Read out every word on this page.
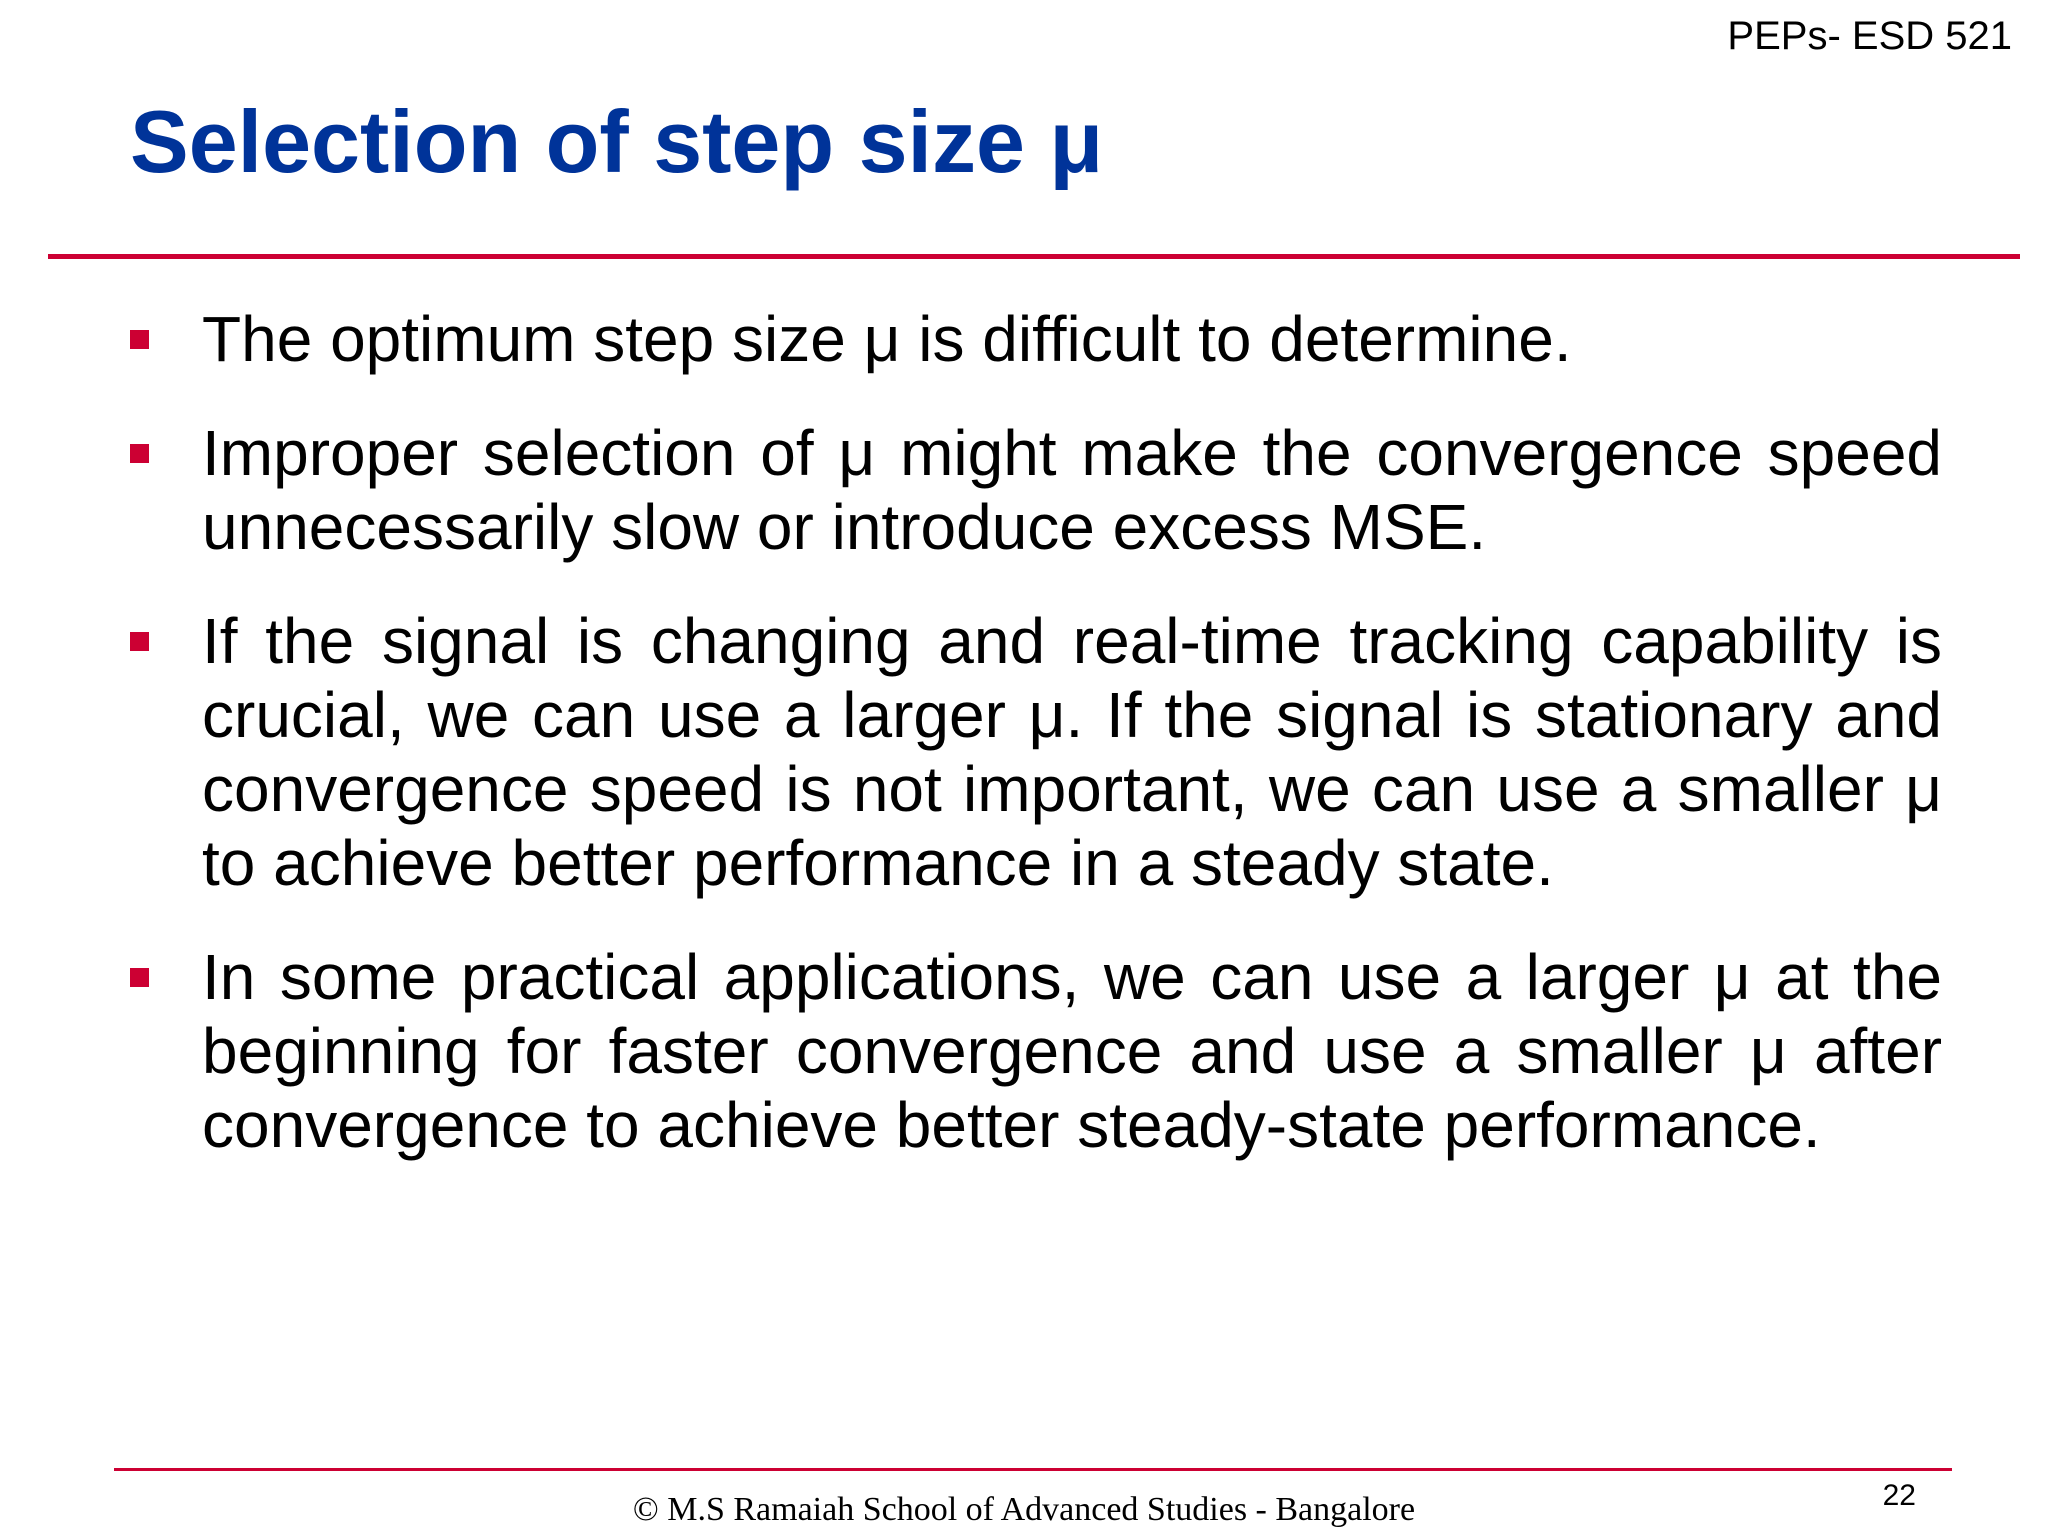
PEPs- ESD 521
Selection of step size μ
The optimum step size μ is difficult to determine.
Improper selection of μ might make the convergence speed unnecessarily slow or introduce excess MSE.
If the signal is changing and real-time tracking capability is crucial, we can use a larger μ. If the signal is stationary and convergence speed is not important, we can use a smaller μ to achieve better performance in a steady state.
In some practical applications, we can use a larger μ at the beginning for faster convergence and use a smaller μ after convergence to achieve better steady-state performance.
© M.S Ramaiah School of Advanced Studies - Bangalore	22
